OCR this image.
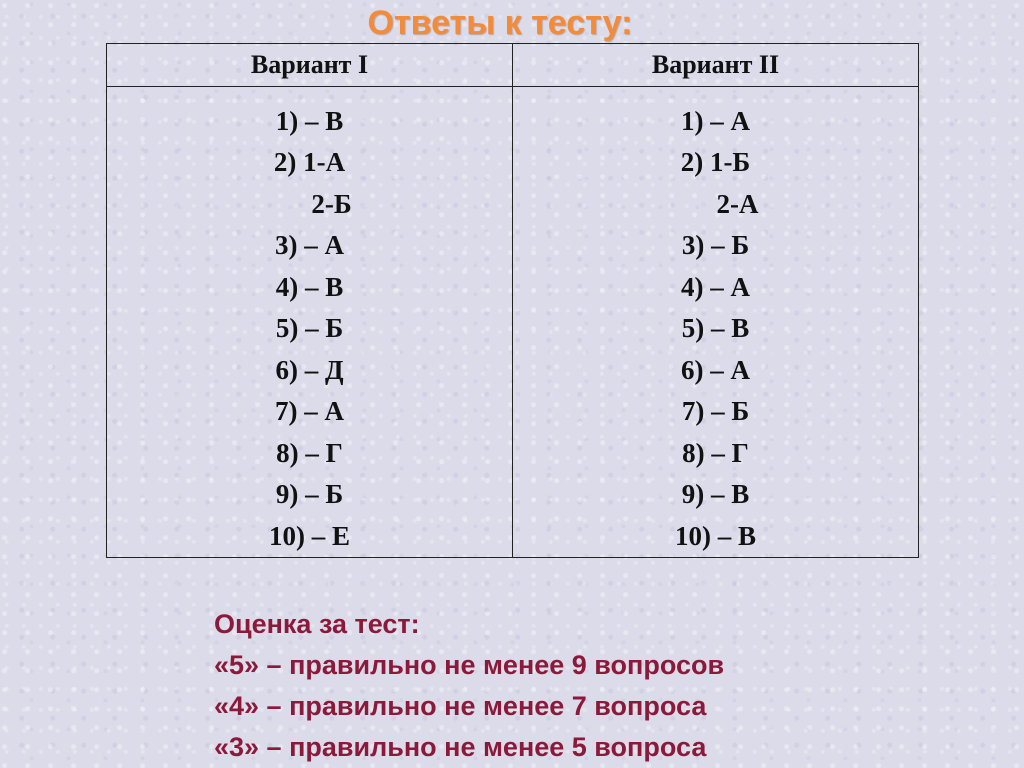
Ответы к тесту:
Вариант I	Вариант II
1) – В
2) 1-А
2-Б
3) – А
4) – В
5) – Б
6) – Д
7) – А
8) – Г
9) – Б
10) – Е
1) – А
2) 1-Б
2-А
3) – Б
4) – А
5) – В
6) – А
7) – Б
8) – Г
9) – В
10) – В
Оценка за тест:
«5» – правильно не менее 9 вопросов
«4» – правильно не менее 7 вопроса
«3» – правильно не менее 5 вопроса
